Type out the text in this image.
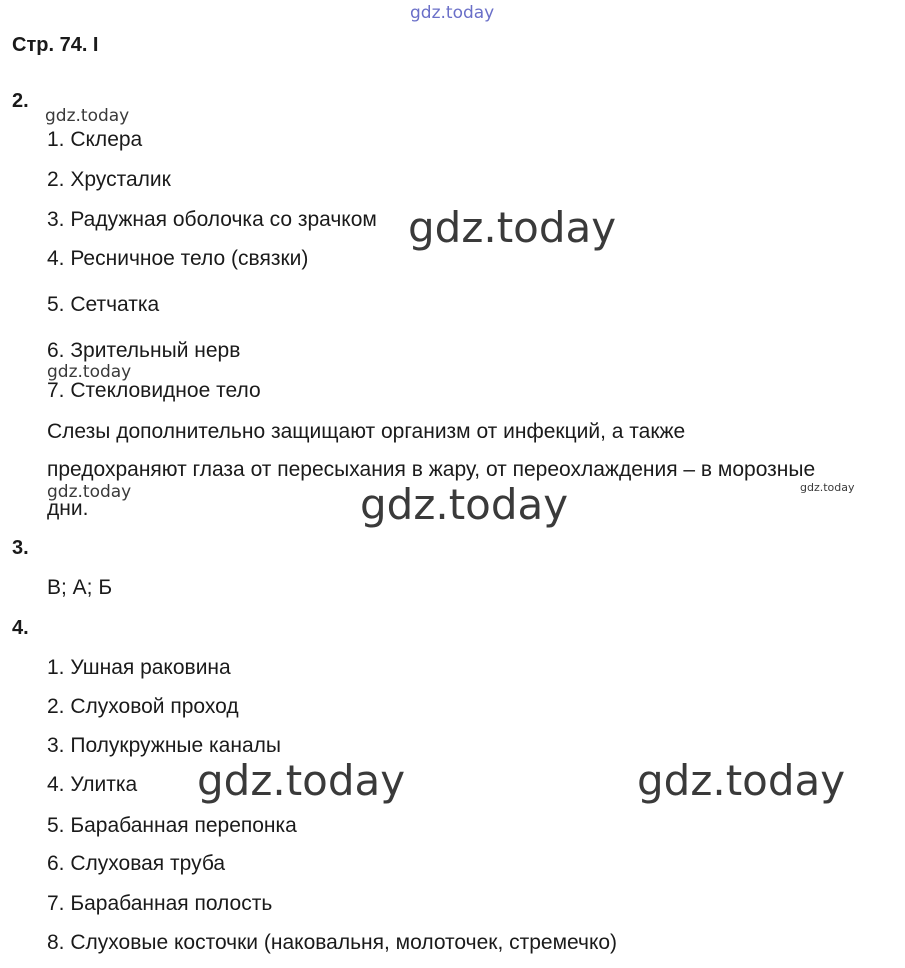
gdz.today
gdz.today
gdz.today
gdz.today
gdz.today	gdz.today
gdz.today
gdz.today	gdz.today
Стр. 74. I
2.
1. Склера
2. Хрусталик
3. Радужная оболочка со зрачком
4. Ресничное тело (связки)
5. Сетчатка
6. Зрительный нерв
7. Стекловидное тело
Слезы дополнительно защищают организм от инфекций, а также
предохраняют глаза от пересыхания в жару, от переохлаждения – в морозные
дни.
3.
В; А; Б
4.
1. Ушная раковина
2. Слуховой проход
3. Полукружные каналы
4. Улитка
5. Барабанная перепонка
6. Слуховая труба
7. Барабанная полость
8. Слуховые косточки (наковальня, молоточек, стремечко)
